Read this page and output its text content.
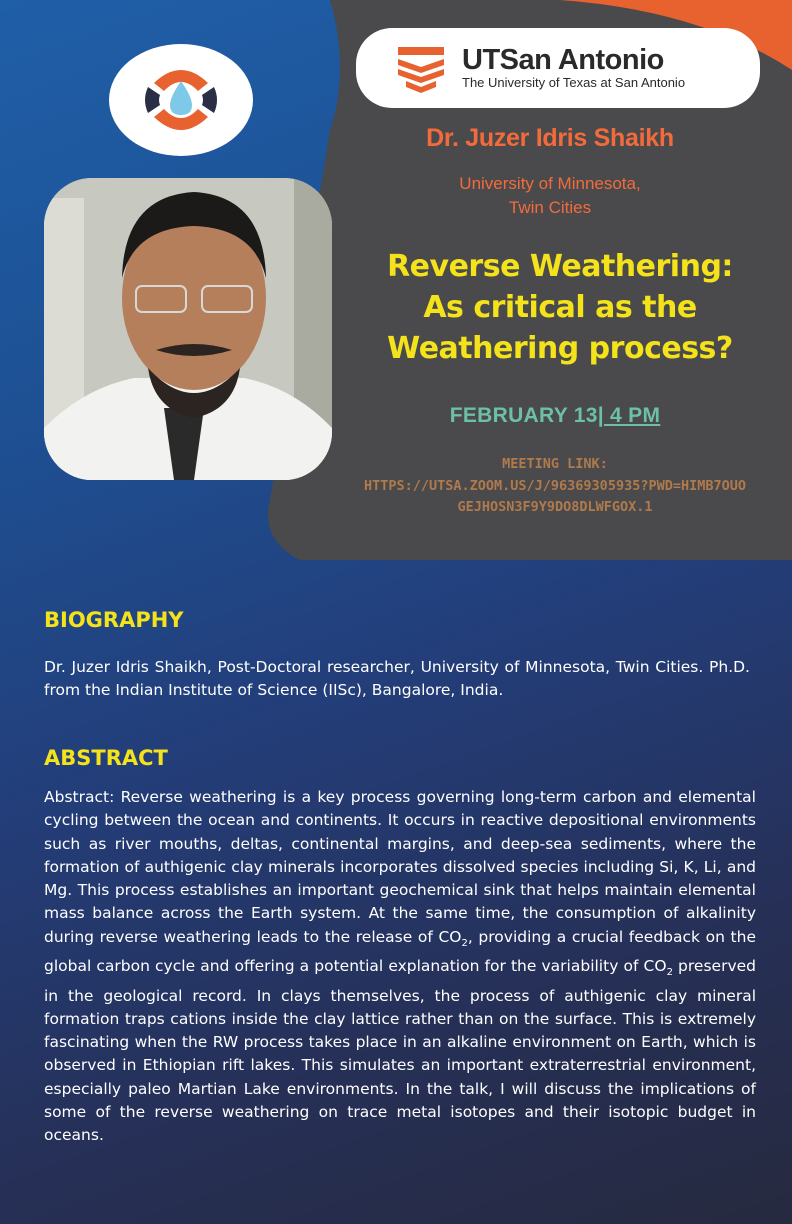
UTSan Antonio
The University of Texas at San Antonio
Dr. Juzer Idris Shaikh
University of Minnesota,
Twin Cities
Reverse Weathering:
As critical as the
Weathering process?
FEBRUARY 13| 4 PM
MEETING LINK:
HTTPS://UTSA.ZOOM.US/J/96369305935?PWD=HIMB7OUOGEJHOSN3F9Y9DO8DLWFGOX.1
BIOGRAPHY
Dr. Juzer Idris Shaikh, Post-Doctoral researcher, University of Minnesota, Twin Cities. Ph.D. from the Indian Institute of Science (IISc), Bangalore, India.
ABSTRACT
Abstract: Reverse weathering is a key process governing long-term carbon and elemental cycling between the ocean and continents. It occurs in reactive depositional environments such as river mouths, deltas, continental margins, and deep-sea sediments, where the formation of authigenic clay minerals incorporates dissolved species including Si, K, Li, and Mg. This process establishes an important geochemical sink that helps maintain elemental mass balance across the Earth system. At the same time, the consumption of alkalinity during reverse weathering leads to the release of $CO_2$, providing a crucial feedback on the global carbon cycle and offering a potential explanation for the variability of $CO_2$ preserved in the geological record. In clays themselves, the process of authigenic clay mineral formation traps cations inside the clay lattice rather than on the surface. This is extremely fascinating when the RW process takes place in an alkaline environment on Earth, which is observed in Ethiopian rift lakes. This simulates an important extraterrestrial environment, especially paleo Martian Lake environments. In the talk, I will discuss the implications of some of the reverse weathering on trace metal isotopes and their isotopic budget in oceans.
